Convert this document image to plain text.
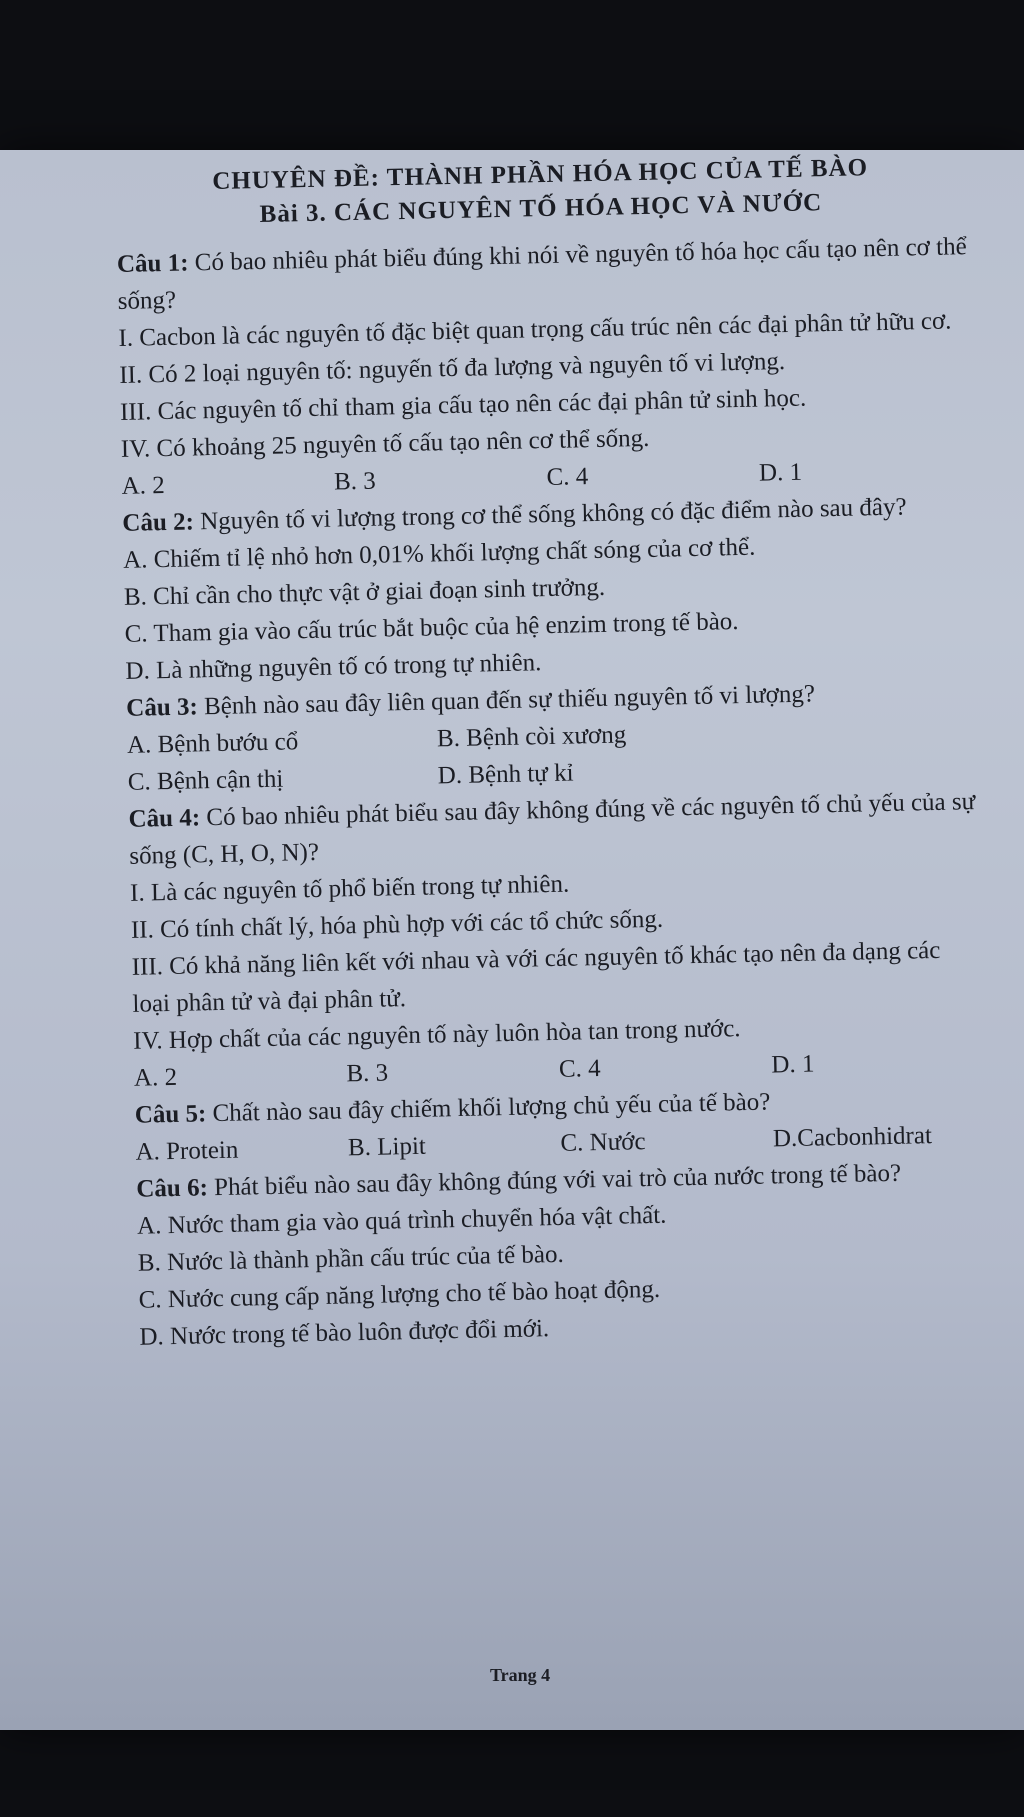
CHUYÊN ĐỀ: THÀNH PHẦN HÓA HỌC CỦA TẾ BÀO
Bài 3. CÁC NGUYÊN TỐ HÓA HỌC VÀ NƯỚC

Câu 1: Có bao nhiêu phát biểu đúng khi nói về nguyên tố hóa học cấu tạo nên cơ thể sống?

I. Cacbon là các nguyên tố đặc biệt quan trọng cấu trúc nên các đại phân tử hữu cơ.

II. Có 2 loại nguyên tố: nguyến tố đa lượng và nguyên tố vi lượng.

III. Các nguyên tố chỉ tham gia cấu tạo nên các đại phân tử sinh học.

IV. Có khoảng 25 nguyên tố cấu tạo nên cơ thể sống.

A. 2	B. 3	C. 4	D. 1

Câu 2: Nguyên tố vi lượng trong cơ thể sống không có đặc điểm nào sau đây?

A. Chiếm tỉ lệ nhỏ hơn 0,01% khối lượng chất sóng của cơ thể.

B. Chỉ cần cho thực vật ở giai đoạn sinh trưởng.

C. Tham gia vào cấu trúc bắt buộc của hệ enzim trong tế bào.

D. Là những nguyên tố có trong tự nhiên.

Câu 3: Bệnh nào sau đây liên quan đến sự thiếu nguyên tố vi lượng?

A. Bệnh bướu cổ	B. Bệnh còi xương
C. Bệnh cận thị	D. Bệnh tự kỉ

Câu 4: Có bao nhiêu phát biểu sau đây không đúng về các nguyên tố chủ yếu của sự sống (C, H, O, N)?

I. Là các nguyên tố phổ biến trong tự nhiên.

II. Có tính chất lý, hóa phù hợp với các tổ chức sống.

III. Có khả năng liên kết với nhau và với các nguyên tố khác tạo nên đa dạng các loại phân tử và đại phân tử.

IV. Hợp chất của các nguyên tố này luôn hòa tan trong nước.

A. 2	B. 3	C. 4	D. 1

Câu 5: Chất nào sau đây chiếm khối lượng chủ yếu của tế bào?

A. Protein	B. Lipit	C. Nước	D.Cacbonhidrat

Câu 6: Phát biểu nào sau đây không đúng với vai trò của nước trong tế bào?

A. Nước tham gia vào quá trình chuyển hóa vật chất.

B. Nước là thành phần cấu trúc của tế bào.

C. Nước cung cấp năng lượng cho tế bào hoạt động.

D. Nước trong tế bào luôn được đổi mới.

Trang 4
